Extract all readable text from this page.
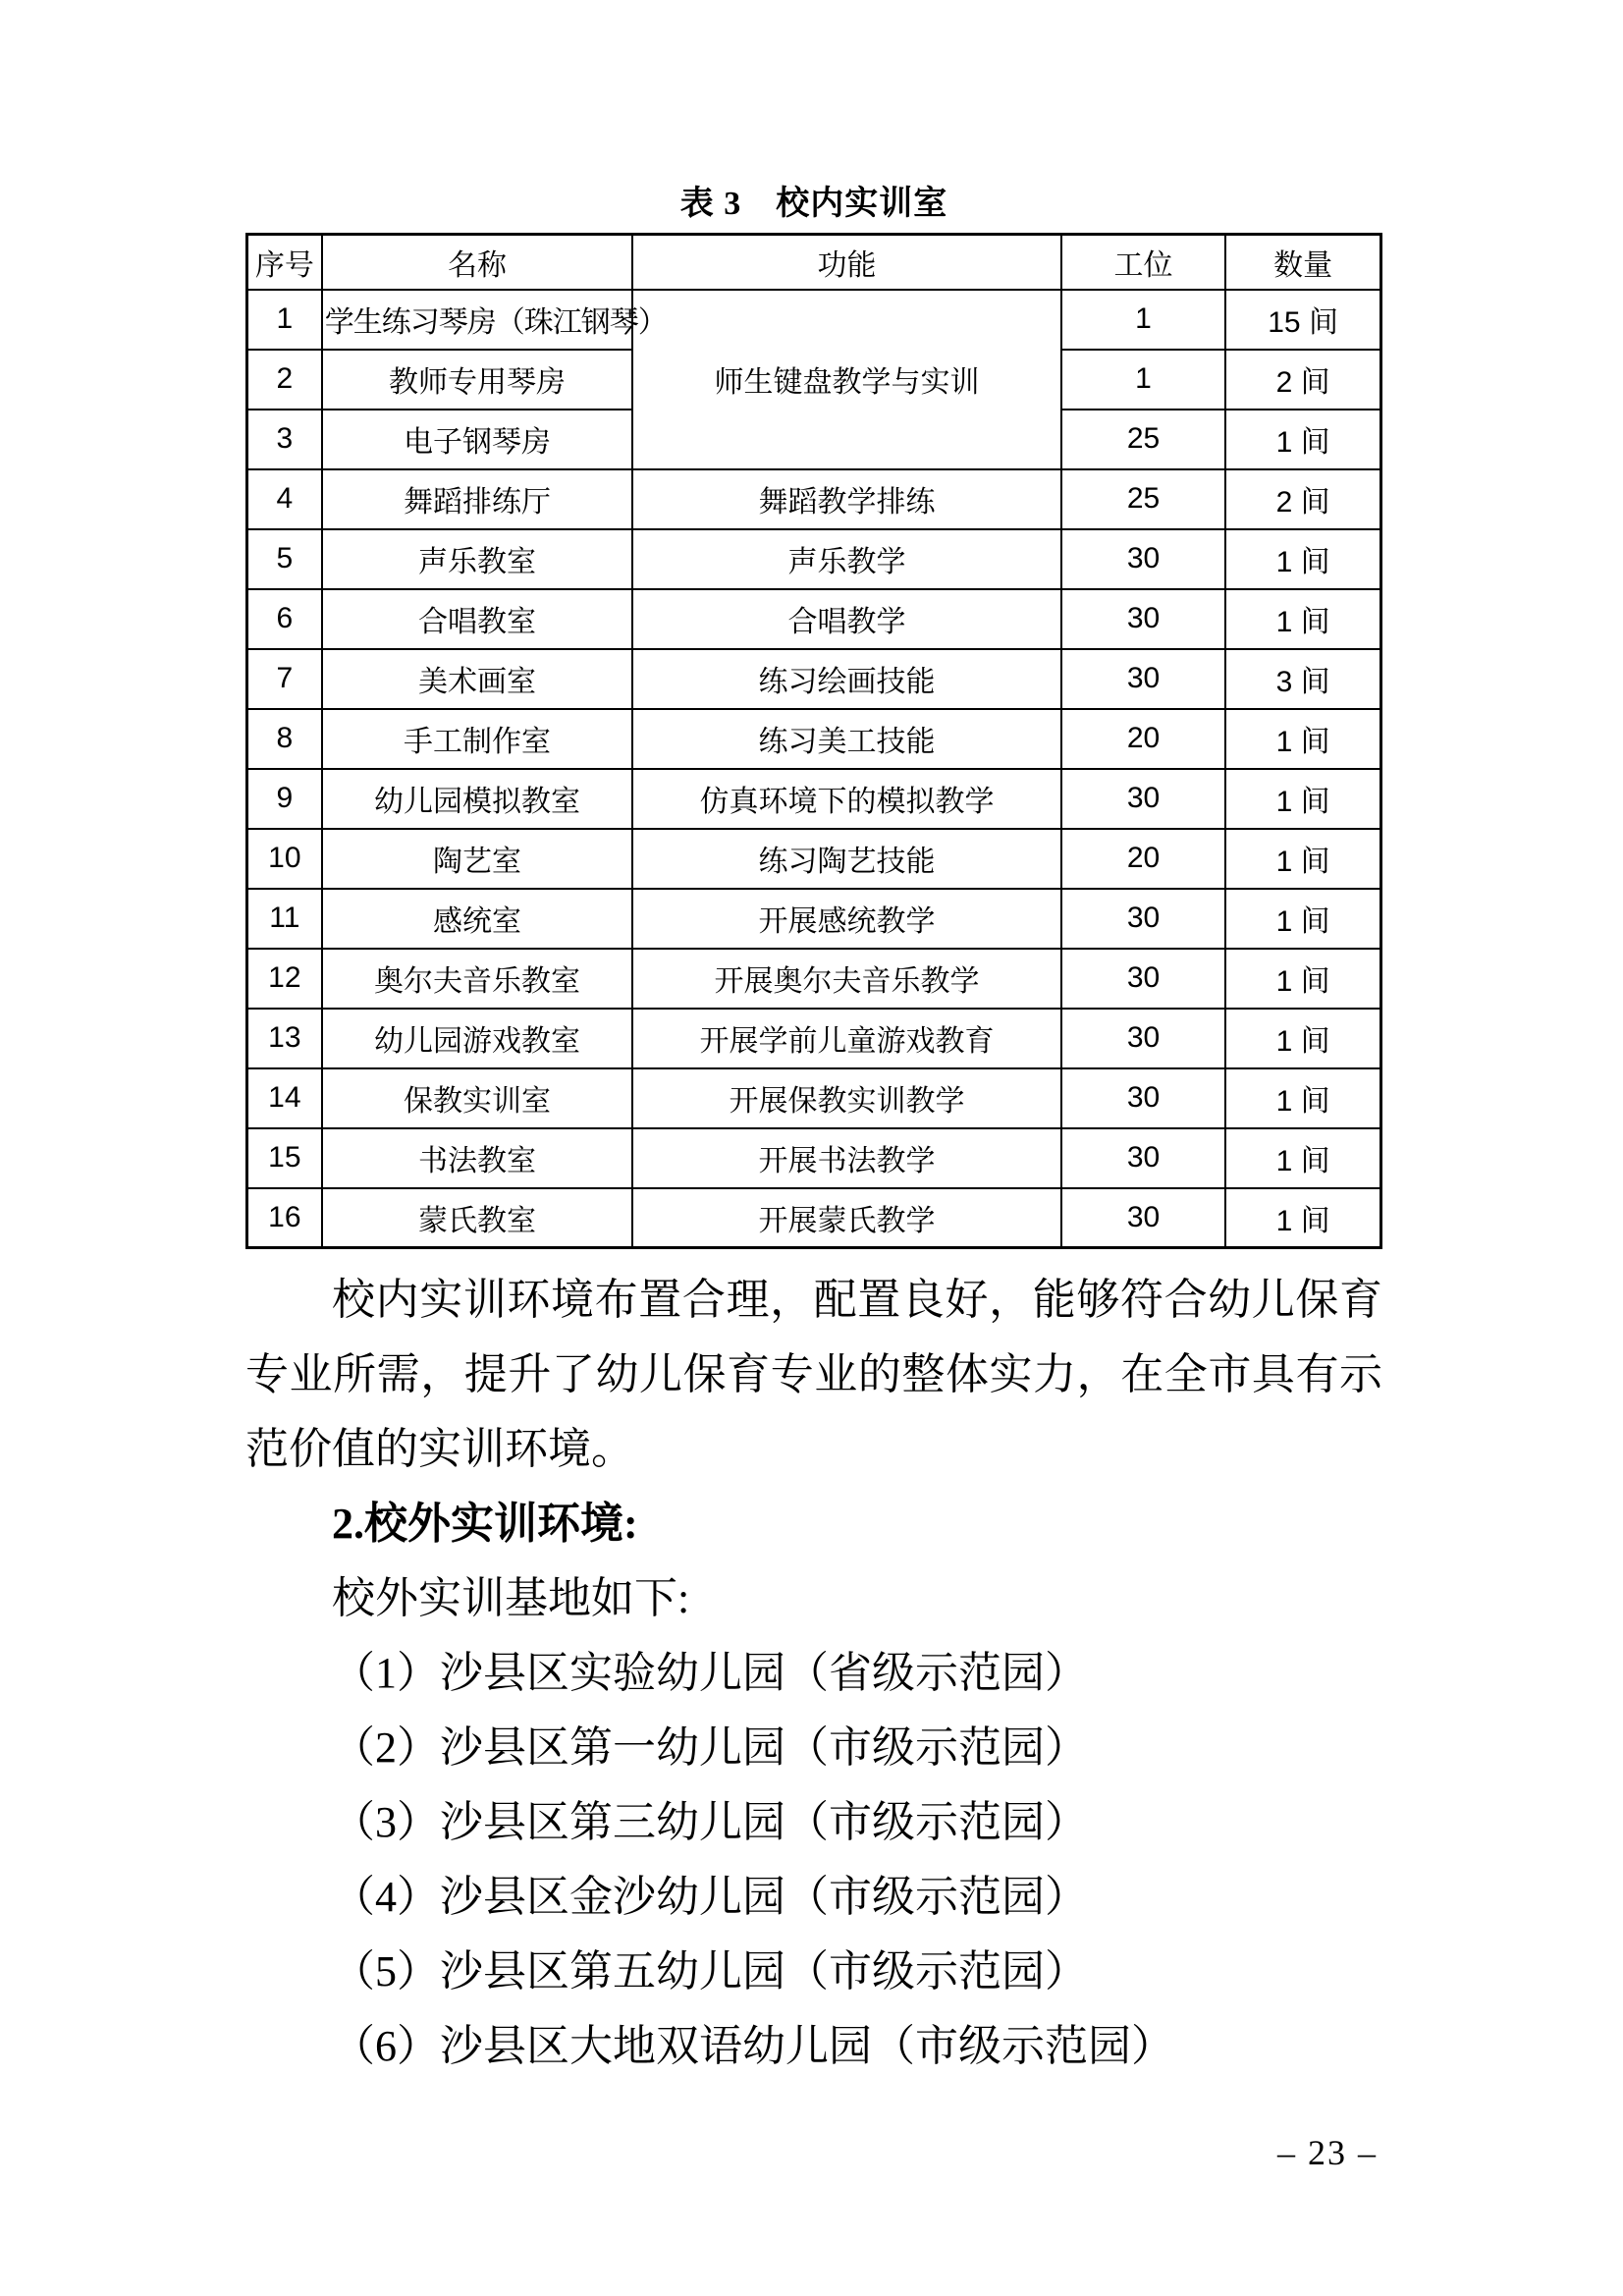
表 3　校内实训室
序号	名称	功能	工位	数量
1	学生练习琴房（珠江钢琴）	师生键盘教学与实训	1	15 间
2	教师专用琴房		1	2 间
3	电子钢琴房		25	1 间
4	舞蹈排练厅	舞蹈教学排练	25	2 间
5	声乐教室	声乐教学	30	1 间
6	合唱教室	合唱教学	30	1 间
7	美术画室	练习绘画技能	30	3 间
8	手工制作室	练习美工技能	20	1 间
9	幼儿园模拟教室	仿真环境下的模拟教学	30	1 间
10	陶艺室	练习陶艺技能	20	1 间
11	感统室	开展感统教学	30	1 间
12	奥尔夫音乐教室	开展奥尔夫音乐教学	30	1 间
13	幼儿园游戏教室	开展学前儿童游戏教育	30	1 间
14	保教实训室	开展保教实训教学	30	1 间
15	书法教室	开展书法教学	30	1 间
16	蒙氏教室	开展蒙氏教学	30	1 间

校内实训环境布置合理，配置良好，能够符合幼儿保育专业所需，提升了幼儿保育专业的整体实力，在全市具有示范价值的实训环境。

2.校外实训环境:

校外实训基地如下:

（1）沙县区实验幼儿园（省级示范园）
（2）沙县区第一幼儿园（市级示范园）
（3）沙县区第三幼儿园（市级示范园）
（4）沙县区金沙幼儿园（市级示范园）
（5）沙县区第五幼儿园（市级示范园）
（6）沙县区大地双语幼儿园（市级示范园）
– 23 –
